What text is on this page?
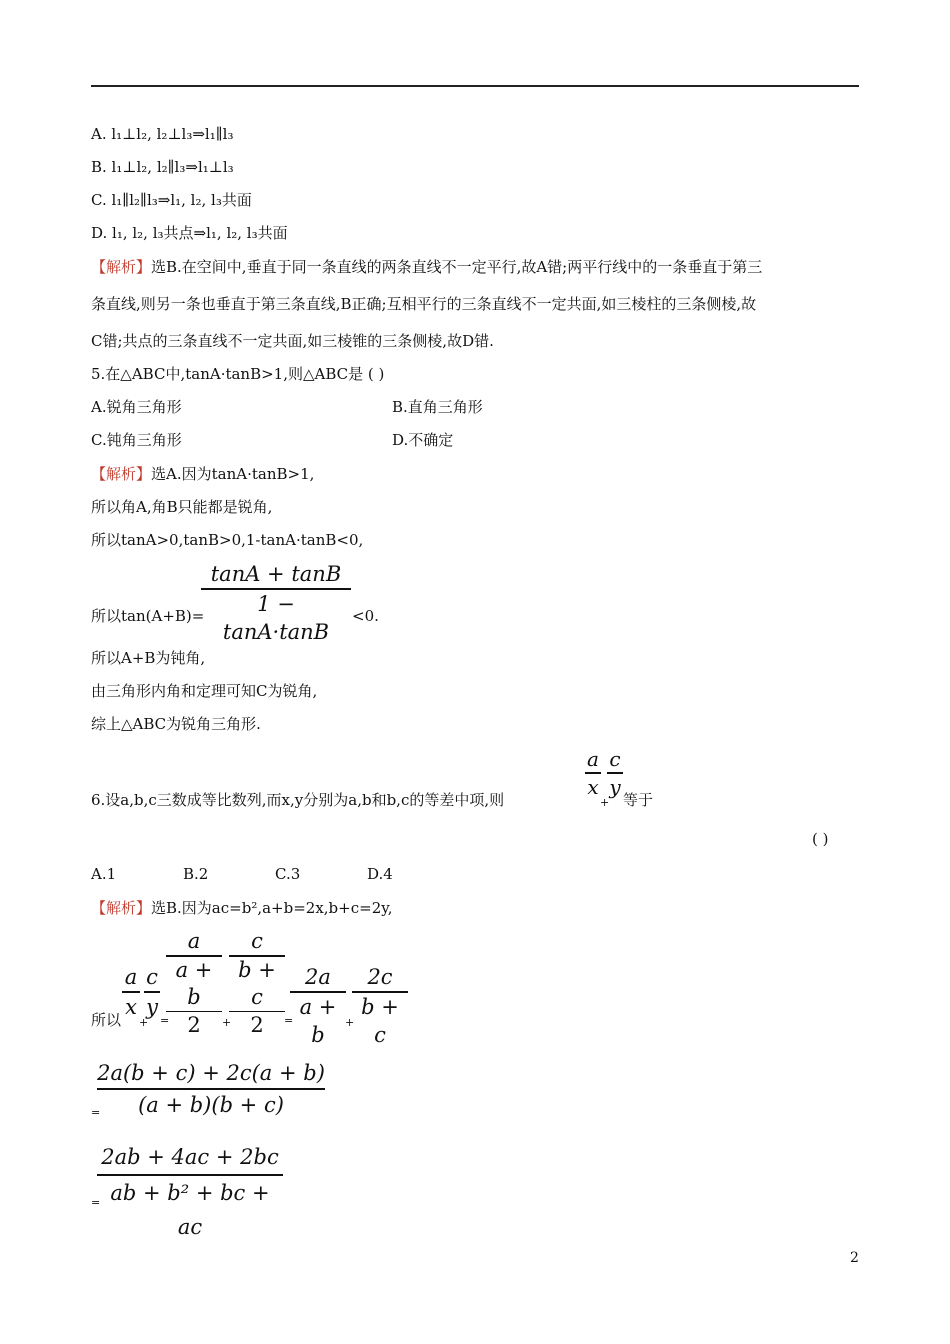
A. l₁⊥l₂, l₂⊥l₃⇒l₁∥l₃
B. l₁⊥l₂, l₂∥l₃⇒l₁⊥l₃
C. l₁∥l₂∥l₃⇒l₁, l₂, l₃共面
D. l₁, l₂, l₃共点⇒l₁, l₂, l₃共面
【解析】选B.在空间中,垂直于同一条直线的两条直线不一定平行,故A错;两平行线中的一条垂直于第三
条直线,则另一条也垂直于第三条直线,B正确;互相平行的三条直线不一定共面,如三棱柱的三条侧棱,故
C错;共点的三条直线不一定共面,如三棱锥的三条侧棱,故D错.
5.在△ABC中,tanA·tanB>1,则△ABC是 ( )
A.锐角三角形	B.直角三角形
C.钝角三角形	D.不确定
【解析】选A.因为tanA·tanB>1,
所以角A,角B只能都是锐角,
所以tanA>0,tanB>0,1-tanA·tanB<0,
所以tan(A+B)=
tanA + tanB
1 − tanA·tanB
<0.
所以A+B为钝角,
由三角形内角和定理可知C为锐角,
综上△ABC为锐角三角形.
6.设a,b,c三数成等比数列,而x,y分别为a,b和b,c的等差中项,则
a
x
+
c
y
等于
( )
A.1	B.2	C.3	D.4
【解析】选B.因为ac=b²,a+b=2x,b+c=2y,
所以
a
x
+
c
y
=
a
a + b
2	+
c
b + c
2	=
2a
a + b	+
2c
b + c
=
2a(b + c) + 2c(a + b)
(a + b)(b + c)
=
2ab + 4ac + 2bc
ab + b² + bc + ac
2
